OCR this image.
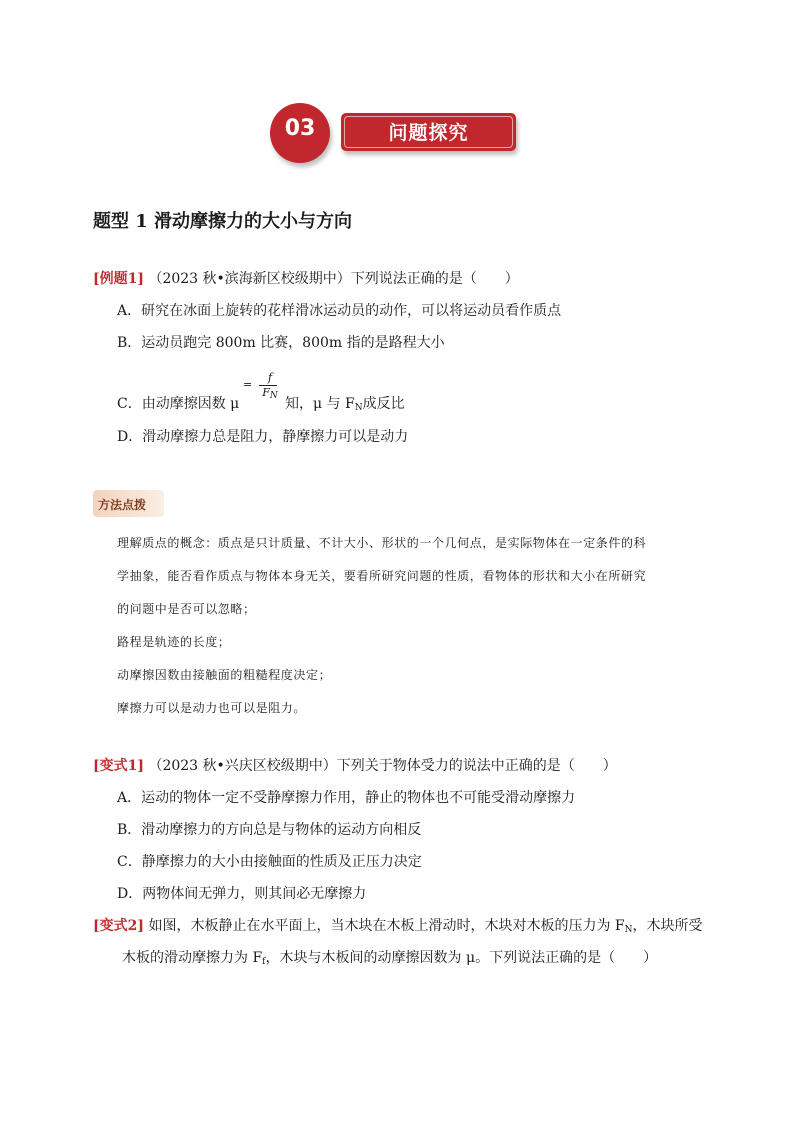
03	问题探究
题型 1 滑动摩擦力的大小与方向
[例题1] （2023 秋•滨海新区校级期中）下列说法正确的是（　　）
A．研究在冰面上旋转的花样滑冰运动员的动作，可以将运动员看作质点
B．运动员跑完 800m 比赛，800m 指的是路程大小
C．由动摩擦因数 μ
=
f
$F_N$ 知，μ 与 $F_N$成反比
D．滑动摩擦力总是阻力，静摩擦力可以是动力
方法点拨
理解质点的概念：质点是只计质量、不计大小、形状的一个几何点，是实际物体在一定条件的科
学抽象，能否看作质点与物体本身无关，要看所研究问题的性质，看物体的形状和大小在所研究
的问题中是否可以忽略；
路程是轨迹的长度；
动摩擦因数由接触面的粗糙程度决定；
摩擦力可以是动力也可以是阻力。
[变式1] （2023 秋•兴庆区校级期中）下列关于物体受力的说法中正确的是（　　）
A．运动的物体一定不受静摩擦力作用，静止的物体也不可能受滑动摩擦力
B．滑动摩擦力的方向总是与物体的运动方向相反
C．静摩擦力的大小由接触面的性质及正压力决定
D．两物体间无弹力，则其间必无摩擦力
[变式2] 如图，木板静止在水平面上，当木块在木板上滑动时，木块对木板的压力为 $F_N$，木块所受
木板的滑动摩擦力为 $F_f$，木块与木板间的动摩擦因数为 μ。下列说法正确的是（　　）
